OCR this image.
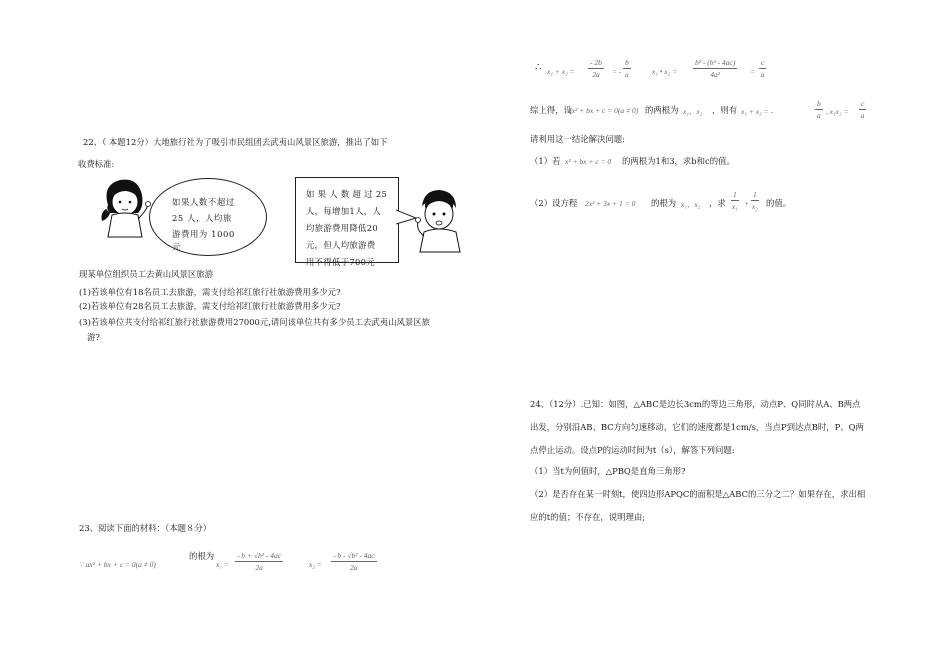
22、（ 本题12分）大地旅行社为了吸引市民组团去武夷山风景区旅游，推出了如下
收费标准:
如果人数不超过
25 人，人均旅
游费用为 1000
元
如 果 人 数 超 过 25
人，每增加1人，人
均旅游费用降低20
元，但人均旅游费
用不得低于700元
现某单位组织员工去黄山风景区旅游
(1)若该单位有18名员工去旅游，需支付给祁红旅行社旅游费用多少元?
(2)若该单位有28名员工去旅游，需支付给祁红旅行社旅游费用多少元?
(3)若该单位共支付给祁红旅行社旅游费用27000元,请问该单位共有多少员工去武夷山风景区旅
游?
23、阅读下面的材料：（本题８分）
∵ ax² + bx + c = 0(a ≠ 0)
的根为
$x_1 = \frac{\text{- b + √b² - 4ac}}{2a}$	$x_2 = \frac{\text{- b - √b² - 4ac}}{2a}$
∴ $x_1 + x_2 = \frac{- 2b}{2a}$ = - $\frac{b}{a}$	x₁ • $x_2 = \frac{\text{b² - (b² - 4ac)}}{\text{4a²}} = \frac{c}{a}$
综上得，设
ax² + bx + c = 0(a ≠ 0) 的两根为 x₁、x₂ ，则有 x₁ + x₂ = -	$\frac{b}{a}$ , $x_1x_2 = \frac{c}{a}$
请利用这一结论解决问题:
（1）若 x² + bx + c = 0 的两根为1和3，求b和c的值。
（2）设方程 2x² + 3x + 1 = 0 的根为 x₁、x₂ ，求 $\frac{1}{\text{x₁}} + \frac{1}{\text{x₂}}$ 的值。
24、（12分）.已知：如图，△ABC是边长3cm的等边三角形，动点P、Q同时从A、B两点
出发，分别沿AB、BC方向匀速移动，它们的速度都是1cm/s，当点P到达点B时，P、Q两
点停止运动。设点P的运动时间为t（s），解答下列问题:
（1）当t为何值时，△PBQ是直角三角形?
（2）是否存在某一时刻t，使四边形APQC的面积是△ABC的三分之二？如果存在，求出相
应的t的值；不存在，说明理由;
